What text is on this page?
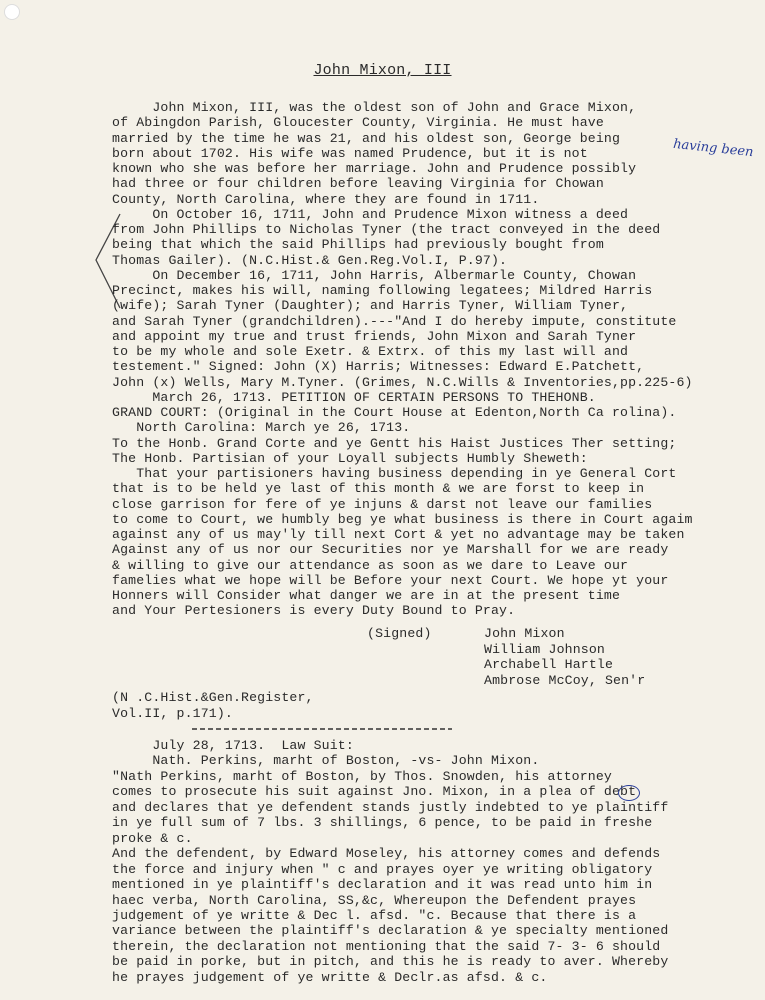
John Mixon, III
having been
John Mixon, III, was the oldest son of John and Grace Mixon,
of Abingdon Parish, Gloucester County, Virginia. He must have
married by the time he was 21, and his oldest son, George being
born about 1702. His wife was named Prudence, but it is not
known who she was before her marriage. John and Prudence possibly
had three or four children before leaving Virginia for Chowan
County, North Carolina, where they are found in 1711.
On October 16, 1711, John and Prudence Mixon witness a deed
from John Phillips to Nicholas Tyner (the tract conveyed in the deed
being that which the said Phillips had previously bought from
Thomas Gailer). (N.C.Hist.& Gen.Reg.Vol.I, P.97).
On December 16, 1711, John Harris, Albermarle County, Chowan
Precinct, makes his will, naming following legatees; Mildred Harris
(wife); Sarah Tyner (Daughter); and Harris Tyner, William Tyner,
and Sarah Tyner (grandchildren).---"And I do hereby impute, constitute
and appoint my true and trust friends, John Mixon and Sarah Tyner
to be my whole and sole Exetr. & Extrx. of this my last will and
testement." Signed: John (X) Harris; Witnesses: Edward E.Patchett,
John (x) Wells, Mary M.Tyner. (Grimes, N.C.Wills & Inventories,pp.225-6)
March 26, 1713. PETITION OF CERTAIN PERSONS TO THEHONB.
GRAND COURT: (Original in the Court House at Edenton,North Ca rolina).
North Carolina: March ye 26, 1713.
To the Honb. Grand Corte and ye Gentt his Haist Justices Ther setting;
The Honb. Partisian of your Loyall subjects Humbly Sheweth:
That your partisioners having business depending in ye General Cort
that is to be held ye last of this month & we are forst to keep in
close garrison for fere of ye injuns & darst not leave our families
to come to Court, we humbly beg ye what business is there in Court agaim
against any of us may'ly till next Cort & yet no advantage may be taken
Against any of us nor our Securities nor ye Marshall for we are ready
& willing to give our attendance as soon as we dare to Leave our
famelies what we hope will be Before your next Court. We hope yt your
Honners will Consider what danger we are in at the present time
and Your Pertesioners is every Duty Bound to Pray.
(Signed)	John Mixon
William Johnson
Archabell Hartle
Ambrose McCoy, Sen'r
(N .C.Hist.&Gen.Register,
Vol.II, p.171).
July 28, 1713.  Law Suit:
Nath. Perkins, marht of Boston, -vs- John Mixon.
"Nath Perkins, marht of Boston, by Thos. Snowden, his attorney
comes to prosecute his suit against Jno. Mixon, in a plea of debt
and declares that ye defendent stands justly indebted to ye plaintiff
in ye full sum of 7 lbs. 3 shillings, 6 pence, to be paid in freshe
proke & c.
And the defendent, by Edward Moseley, his attorney comes and defends
the force and injury when " c and prayes oyer ye writing obligatory
mentioned in ye plaintiff's declaration and it was read unto him in
haec verba, North Carolina, SS,&c, Whereupon the Defendent prayes
judgement of ye writte & Dec l. afsd. "c. Because that there is a
variance between the plaintiff's declaration & ye specialty mentioned
therein, the declaration not mentioning that the said 7- 3- 6 should
be paid in porke, but in pitch, and this he is ready to aver. Whereby
he prayes judgement of ye writte & Declr.as afsd. & c.
